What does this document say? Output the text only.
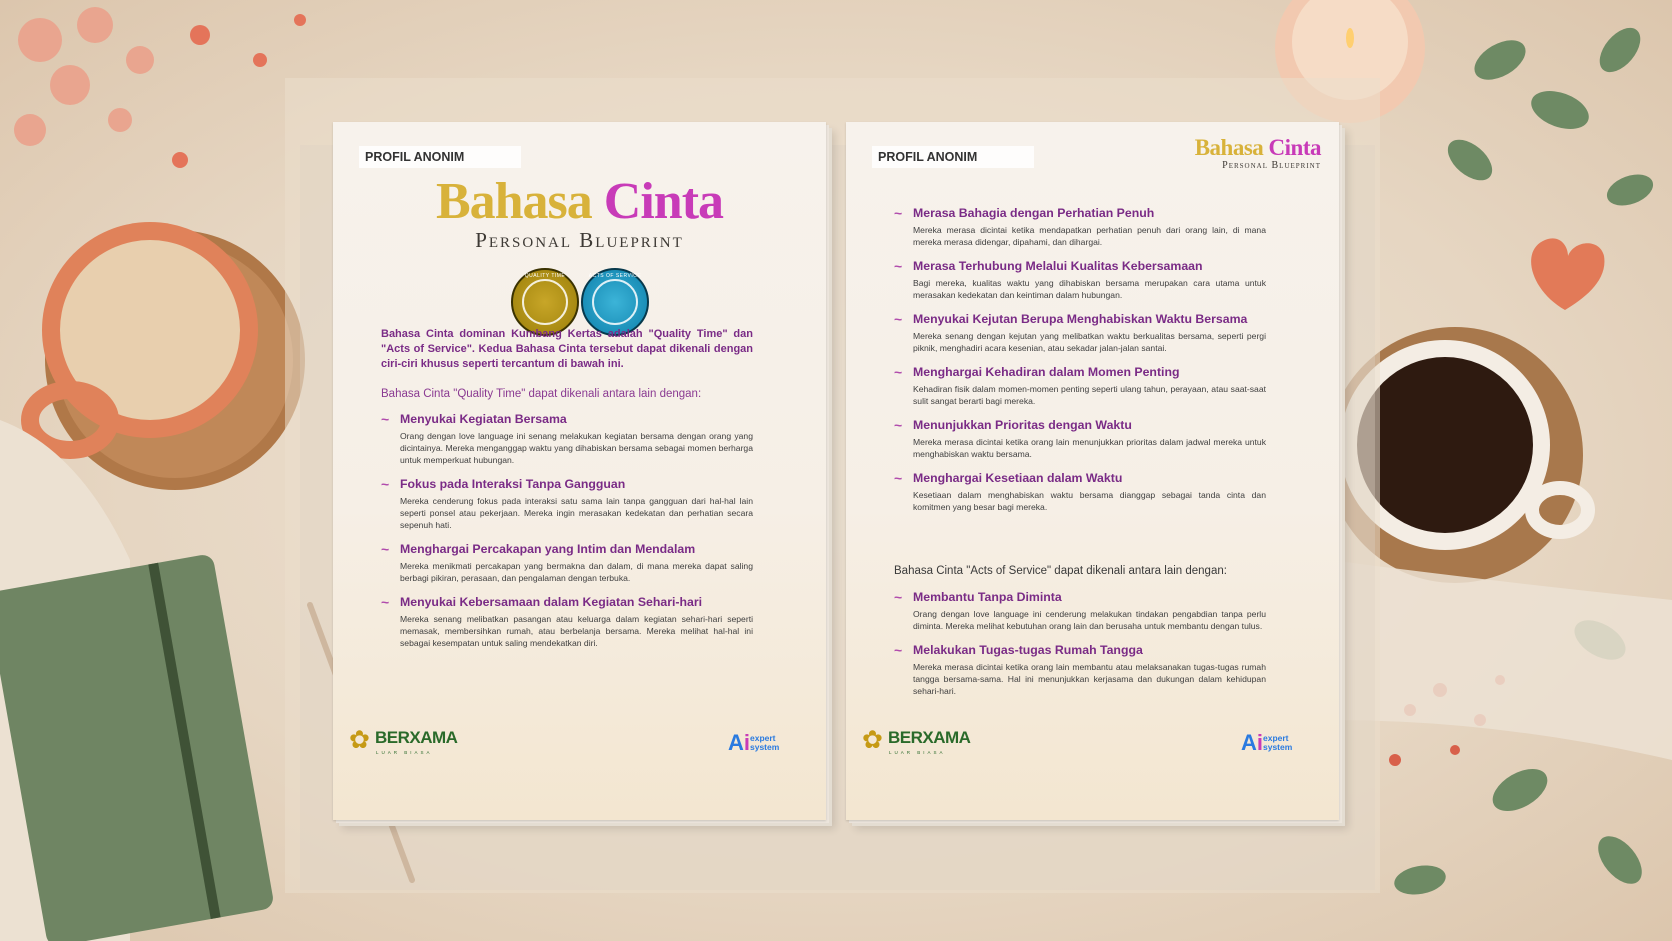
PROFIL ANONIM
Bahasa Cinta
Personal Blueprint
QUALITY TIME	ACTS OF SERVICE
Bahasa Cinta dominan Kumbang Kertas adalah "Quality Time" dan "Acts of Service". Kedua Bahasa Cinta tersebut dapat dikenali dengan ciri-ciri khusus seperti tercantum di bawah ini.
Bahasa Cinta "Quality Time" dapat dikenali antara lain dengan:
~ Menyukai Kegiatan Bersama
Orang dengan love language ini senang melakukan kegiatan bersama dengan orang yang dicintainya. Mereka menganggap waktu yang dihabiskan bersama sebagai momen berharga untuk memperkuat hubungan.
~ Fokus pada Interaksi Tanpa Gangguan
Mereka cenderung fokus pada interaksi satu sama lain tanpa gangguan dari hal-hal lain seperti ponsel atau pekerjaan. Mereka ingin merasakan kedekatan dan perhatian secara sepenuh hati.
~ Menghargai Percakapan yang Intim dan Mendalam
Mereka menikmati percakapan yang bermakna dan dalam, di mana mereka dapat saling berbagi pikiran, perasaan, dan pengalaman dengan terbuka.
~ Menyukai Kebersamaan dalam Kegiatan Sehari-hari
Mereka senang melibatkan pasangan atau keluarga dalam kegiatan sehari-hari seperti memasak, membersihkan rumah, atau berbelanja bersama. Mereka melihat hal-hal ini sebagai kesempatan untuk saling mendekatkan diri.
✿ BERXAMA
LUAR BIASA	Ai expert
system
PROFIL ANONIM	Bahasa Cinta
Personal Blueprint
~ Merasa Bahagia dengan Perhatian Penuh
Mereka merasa dicintai ketika mendapatkan perhatian penuh dari orang lain, di mana mereka merasa didengar, dipahami, dan dihargai.
~ Merasa Terhubung Melalui Kualitas Kebersamaan
Bagi mereka, kualitas waktu yang dihabiskan bersama merupakan cara utama untuk merasakan kedekatan dan keintiman dalam hubungan.
~ Menyukai Kejutan Berupa Menghabiskan Waktu Bersama
Mereka senang dengan kejutan yang melibatkan waktu berkualitas bersama, seperti pergi piknik, menghadiri acara kesenian, atau sekadar jalan-jalan santai.
~ Menghargai Kehadiran dalam Momen Penting
Kehadiran fisik dalam momen-momen penting seperti ulang tahun, perayaan, atau saat-saat sulit sangat berarti bagi mereka.
~ Menunjukkan Prioritas dengan Waktu
Mereka merasa dicintai ketika orang lain menunjukkan prioritas dalam jadwal mereka untuk menghabiskan waktu bersama.
~ Menghargai Kesetiaan dalam Waktu
Kesetiaan dalam menghabiskan waktu bersama dianggap sebagai tanda cinta dan komitmen yang besar bagi mereka.
Bahasa Cinta "Acts of Service" dapat dikenali antara lain dengan:
~ Membantu Tanpa Diminta
Orang dengan love language ini cenderung melakukan tindakan pengabdian tanpa perlu diminta. Mereka melihat kebutuhan orang lain dan berusaha untuk membantu dengan tulus.
~ Melakukan Tugas-tugas Rumah Tangga
Mereka merasa dicintai ketika orang lain membantu atau melaksanakan tugas-tugas rumah tangga bersama-sama. Hal ini menunjukkan kerjasama dan dukungan dalam kehidupan sehari-hari.
✿ BERXAMA
LUAR BIASA	Ai expert
system
